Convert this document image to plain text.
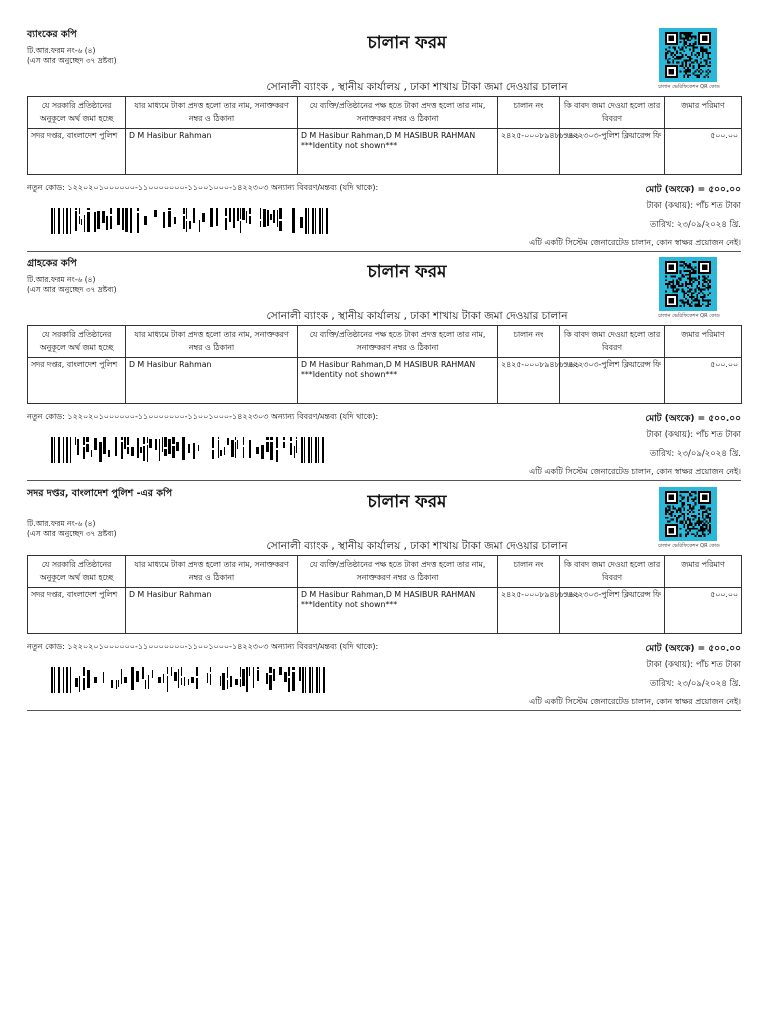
ব্যাংকের কপি
টি.আর.ফরম নং-৬ (৪)
(এস আর অনুচ্ছেদ ৩৭ দ্রষ্টব্য)
চালান ফরম
চালান ভেরিফিকেশন QR কোড
সোনালী ব্যাংক , স্থানীয় কার্যালয় , ঢাকা শাখায় টাকা জমা দেওয়ার চালান
যে সরকারি প্রতিষ্ঠানের অনুকূলে অর্থ জমা হচ্ছে	যার মাধ্যমে টাকা প্রদত্ত হলো তার নাম, সনাক্তকরণ নম্বর ও ঠিকানা	যে ব্যক্তি/প্রতিষ্ঠানের পক্ষ হতে টাকা প্রদত্ত হলো তার নাম, সনাক্তকরণ নম্বর ও ঠিকানা	চালান নং	কি বাবদ জমা দেওয়া হলো তার বিবরণ	জমার পরিমাণ
সদর দপ্তর, বাংলাদেশ পুলিশ	D M Hasibur Rahman	D M Hasibur Rahman,D M HASIBUR RAHMAN
***Identity not shown***	২৪২৫-০০০৮৯৪৮৮৭৬১	১৪২২৩০৩-পুলিশ ক্লিয়ারেন্স ফি	৫০০.০০
নতুন কোড: ১২২০২০১০০০০০০-১১০০০০০০০-১১০০১০০০-১৪২২৩০৩ অন্যান্য বিবরণ/মন্তব্য (যদি থাকে):	মোট (অংকে) = ৫০০.০০
টাকা (কথায়): পাঁচ শত টাকা
তারিখ: ২৩/০৯/২০২৪ খ্রি.
এটি একটি সিস্টেম জেনারেটেড চালান, কোন স্বাক্ষর প্রয়োজন নেই।
গ্রাহকের কপি
টি.আর.ফরম নং-৬ (৪)
(এস আর অনুচ্ছেদ ৩৭ দ্রষ্টব্য)
চালান ফরম
চালান ভেরিফিকেশন QR কোড
সোনালী ব্যাংক , স্থানীয় কার্যালয় , ঢাকা শাখায় টাকা জমা দেওয়ার চালান
যে সরকারি প্রতিষ্ঠানের অনুকূলে অর্থ জমা হচ্ছে	যার মাধ্যমে টাকা প্রদত্ত হলো তার নাম, সনাক্তকরণ নম্বর ও ঠিকানা	যে ব্যক্তি/প্রতিষ্ঠানের পক্ষ হতে টাকা প্রদত্ত হলো তার নাম, সনাক্তকরণ নম্বর ও ঠিকানা	চালান নং	কি বাবদ জমা দেওয়া হলো তার বিবরণ	জমার পরিমাণ
সদর দপ্তর, বাংলাদেশ পুলিশ	D M Hasibur Rahman	D M Hasibur Rahman,D M HASIBUR RAHMAN
***Identity not shown***	২৪২৫-০০০৮৯৪৮৮৭৬১	১৪২২৩০৩-পুলিশ ক্লিয়ারেন্স ফি	৫০০.০০
নতুন কোড: ১২২০২০১০০০০০০-১১০০০০০০০-১১০০১০০০-১৪২২৩০৩ অন্যান্য বিবরণ/মন্তব্য (যদি থাকে):	মোট (অংকে) = ৫০০.০০
টাকা (কথায়): পাঁচ শত টাকা
তারিখ: ২৩/০৯/২০২৪ খ্রি.
এটি একটি সিস্টেম জেনারেটেড চালান, কোন স্বাক্ষর প্রয়োজন নেই।
সদর দপ্তর, বাংলাদেশ পুলিশ -এর কপি
টি.আর.ফরম নং-৬ (৪)
(এস আর অনুচ্ছেদ ৩৭ দ্রষ্টব্য)
চালান ফরম
চালান ভেরিফিকেশন QR কোড
সোনালী ব্যাংক , স্থানীয় কার্যালয় , ঢাকা শাখায় টাকা জমা দেওয়ার চালান
যে সরকারি প্রতিষ্ঠানের অনুকূলে অর্থ জমা হচ্ছে	যার মাধ্যমে টাকা প্রদত্ত হলো তার নাম, সনাক্তকরণ নম্বর ও ঠিকানা	যে ব্যক্তি/প্রতিষ্ঠানের পক্ষ হতে টাকা প্রদত্ত হলো তার নাম, সনাক্তকরণ নম্বর ও ঠিকানা	চালান নং	কি বাবদ জমা দেওয়া হলো তার বিবরণ	জমার পরিমাণ
সদর দপ্তর, বাংলাদেশ পুলিশ	D M Hasibur Rahman	D M Hasibur Rahman,D M HASIBUR RAHMAN
***Identity not shown***	২৪২৫-০০০৮৯৪৮৮৭৬১	১৪২২৩০৩-পুলিশ ক্লিয়ারেন্স ফি	৫০০.০০
নতুন কোড: ১২২০২০১০০০০০০-১১০০০০০০০-১১০০১০০০-১৪২২৩০৩ অন্যান্য বিবরণ/মন্তব্য (যদি থাকে):	মোট (অংকে) = ৫০০.০০
টাকা (কথায়): পাঁচ শত টাকা
তারিখ: ২৩/০৯/২০২৪ খ্রি.
এটি একটি সিস্টেম জেনারেটেড চালান, কোন স্বাক্ষর প্রয়োজন নেই।
